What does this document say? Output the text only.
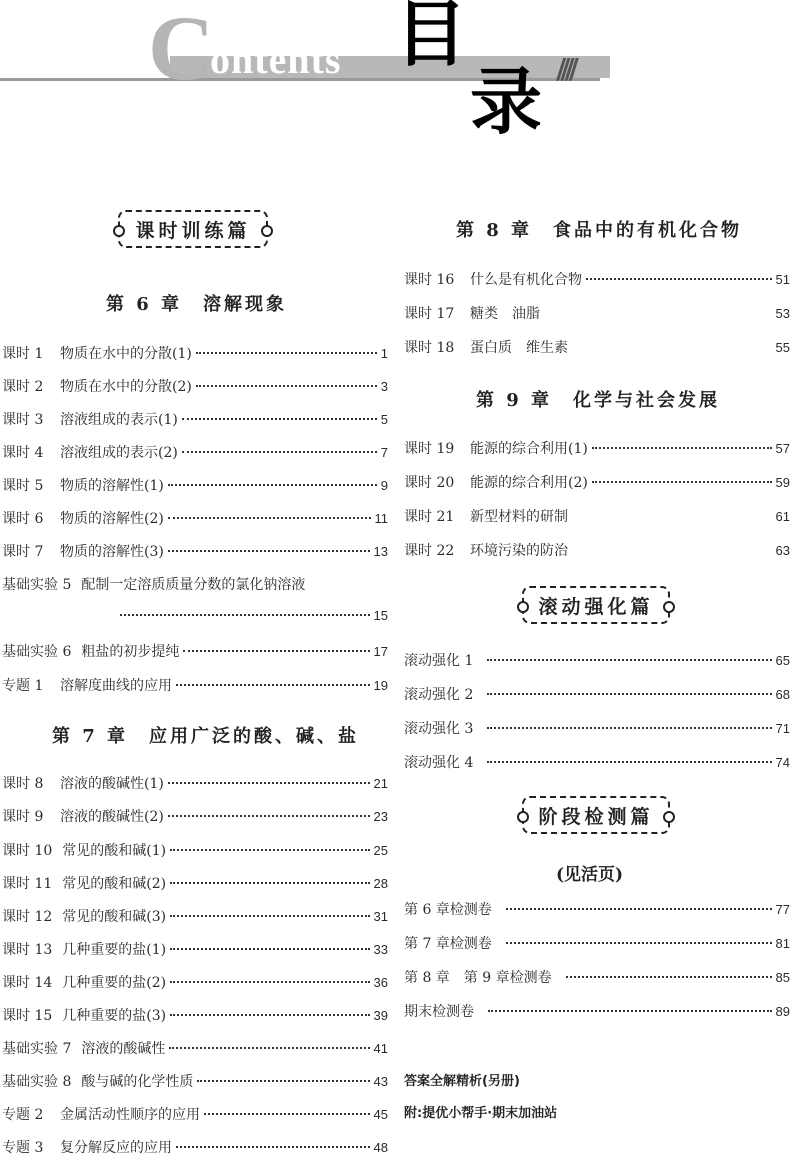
C
ontents 目
录 ////
课时训练篇
第 6 章　溶解现象
课时 1	物质在水中的分散(1)	1
课时 2	物质在水中的分散(2)	3
课时 3	溶液组成的表示(1)	5
课时 4	溶液组成的表示(2)	7
课时 5	物质的溶解性(1)	9
课时 6	物质的溶解性(2)	11
课时 7	物质的溶解性(3)	13
基础实验 5 配制一定溶质质量分数的氯化钠溶液
15
基础实验 6 粗盐的初步提纯	17
专题 1	溶解度曲线的应用	19
第 7 章　应用广泛的酸、碱、盐
课时 8	溶液的酸碱性(1)	21
课时 9	溶液的酸碱性(2)	23
课时 10 常见的酸和碱(1)	25
课时 11 常见的酸和碱(2)	28
课时 12 常见的酸和碱(3)	31
课时 13 几种重要的盐(1)	33
课时 14 几种重要的盐(2)	36
课时 15 几种重要的盐(3)	39
基础实验 7 溶液的酸碱性	41
基础实验 8 酸与碱的化学性质	43
专题 2	金属活动性顺序的应用	45
专题 3	复分解反应的应用	48
第 8 章　食品中的有机化合物
课时 16	什么是有机化合物	51
课时 17	糖类　油脂	53
课时 18	蛋白质　维生素	55
第 9 章　化学与社会发展
课时 19	能源的综合利用(1)	57
课时 20	能源的综合利用(2)	59
课时 21	新型材料的研制	61
课时 22	环境污染的防治	63
滚动强化篇
滚动强化 1	65
滚动强化 2	68
滚动强化 3	71
滚动强化 4	74
阶段检测篇
(见活页)
第 6 章检测卷	77
第 7 章检测卷	81
第 8 章　第 9 章检测卷	85
期末检测卷	89
答案全解精析(另册)
附:提优小帮手·期末加油站
